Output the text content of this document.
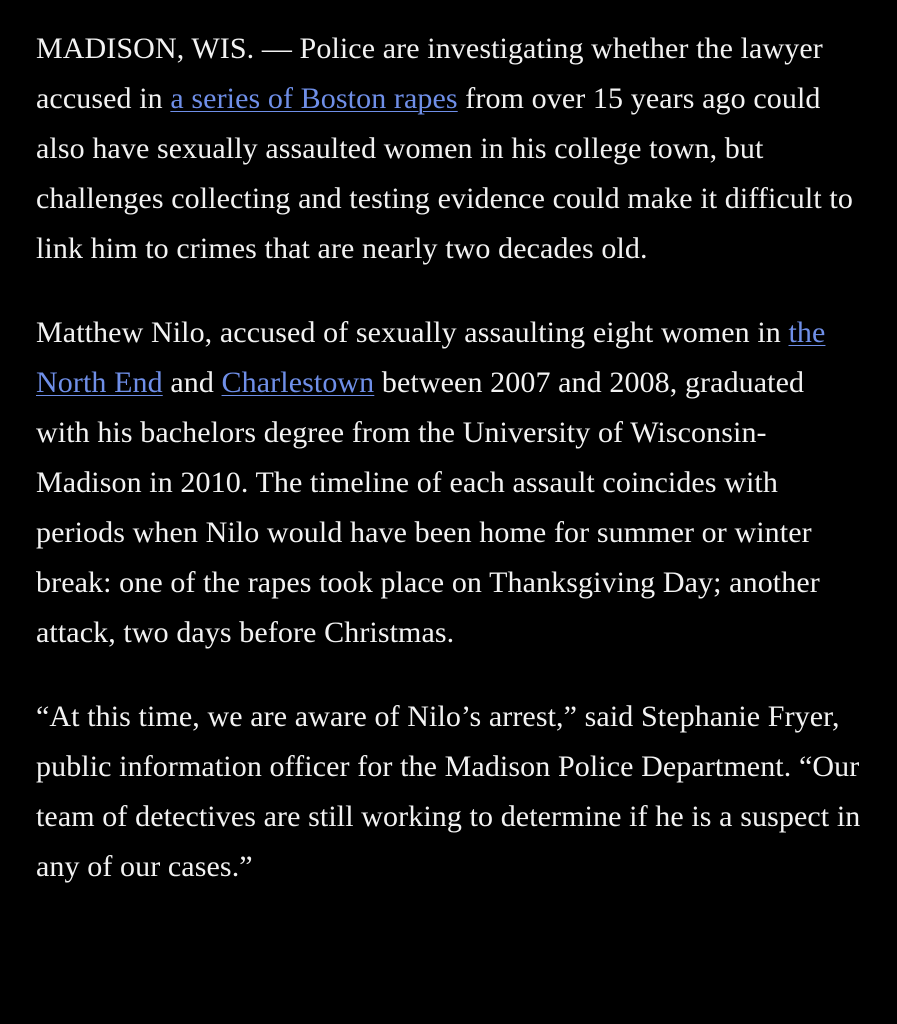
MADISON, WIS. — Police are investigating whether the lawyer accused in a series of Boston rapes from over 15 years ago could also have sexually assaulted women in his college town, but challenges collecting and testing evidence could make it difficult to link him to crimes that are nearly two decades old.

Matthew Nilo, accused of sexually assaulting eight women in the North End and Charlestown between 2007 and 2008, graduated with his bachelors degree from the University of Wisconsin-Madison in 2010. The timeline of each assault coincides with periods when Nilo would have been home for summer or winter break: one of the rapes took place on Thanksgiving Day; another attack, two days before Christmas.

“At this time, we are aware of Nilo’s arrest,” said Stephanie Fryer, public information officer for the Madison Police Department. “Our team of detectives are still working to determine if he is a suspect in any of our cases.”
